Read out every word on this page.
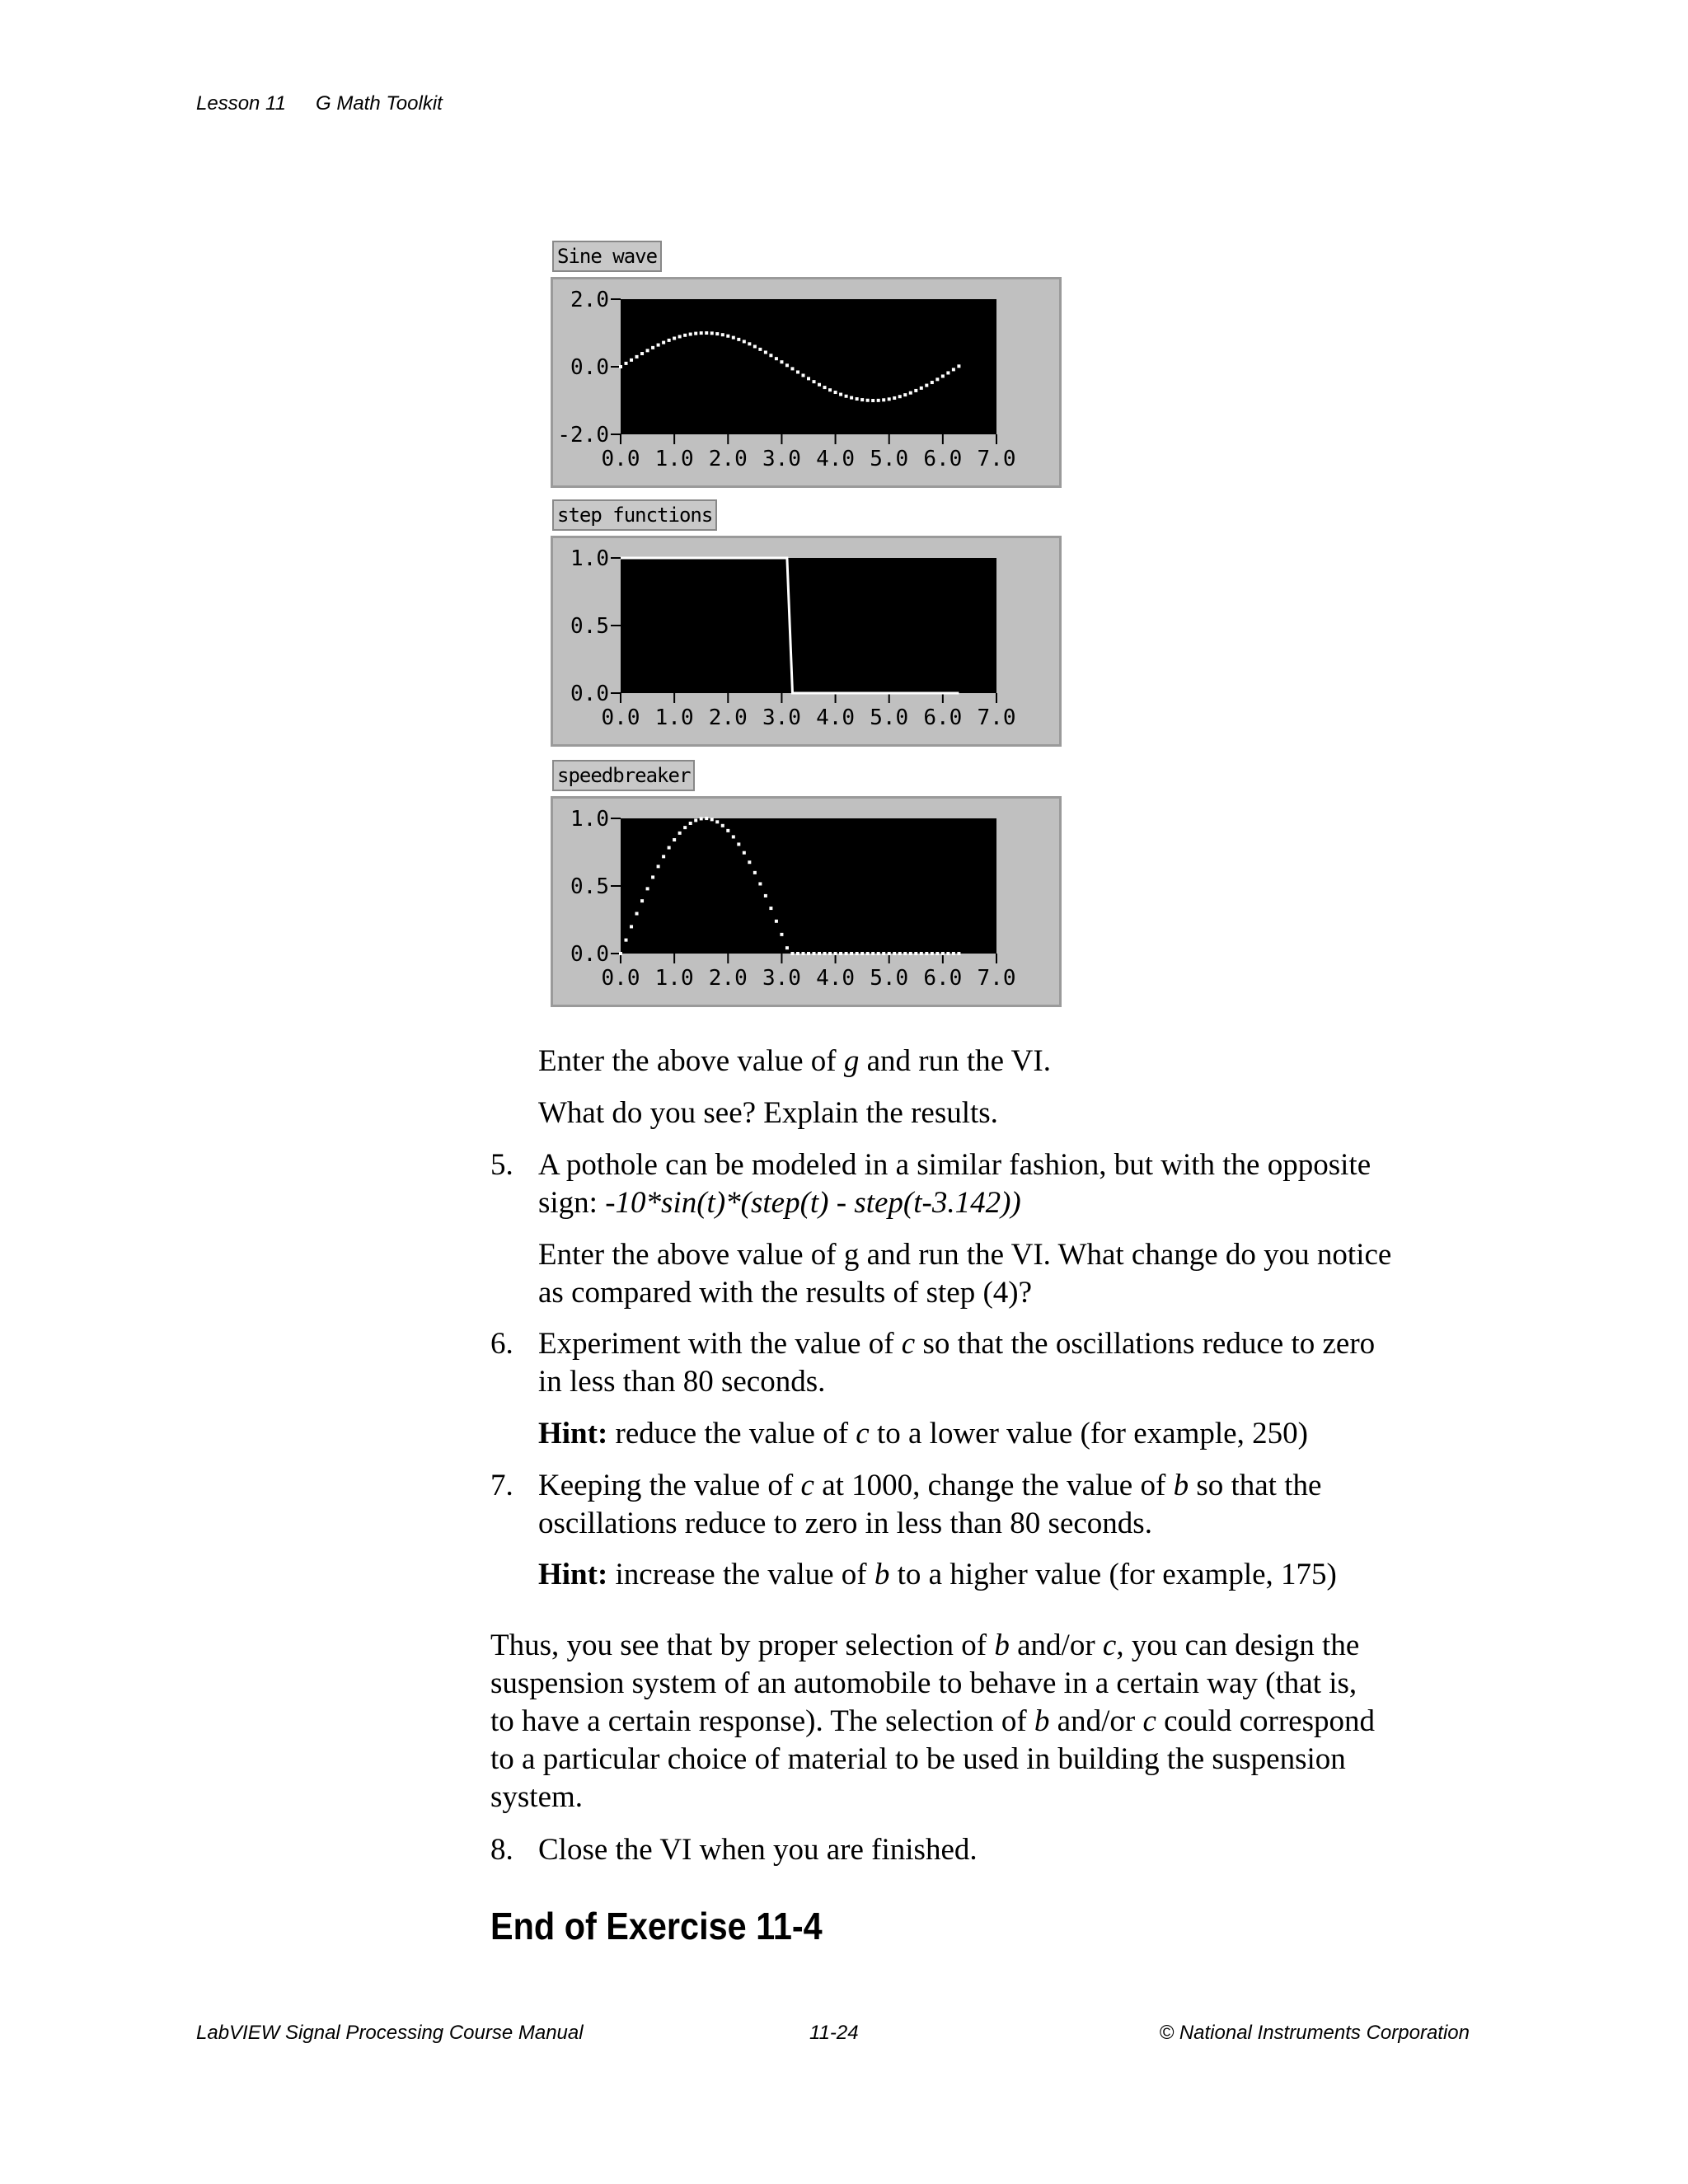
Lesson 11 G Math Toolkit
Sine wave
2.0
0.0
-2.0
0.0 1.0 2.0 3.0 4.0 5.0 6.0 7.0
step functions
1.0
0.5
0.0
0.0 1.0 2.0 3.0 4.0 5.0 6.0 7.0
speedbreaker
1.0
0.5
0.0
0.0 1.0 2.0 3.0 4.0 5.0 6.0 7.0
Enter the above value of g and run the VI.
What do you see? Explain the results.
5. A pothole can be modeled in a similar fashion, but with the opposite
sign: -10*sin(t)*(step(t) - step(t-3.142))
Enter the above value of g and run the VI. What change do you notice
as compared with the results of step (4)?
6. Experiment with the value of c so that the oscillations reduce to zero
in less than 80 seconds.
Hint: reduce the value of c to a lower value (for example, 250)
7. Keeping the value of c at 1000, change the value of b so that the
oscillations reduce to zero in less than 80 seconds.
Hint: increase the value of b to a higher value (for example, 175)
Thus, you see that by proper selection of b and/or c, you can design the
suspension system of an automobile to behave in a certain way (that is,
to have a certain response). The selection of b and/or c could correspond
to a particular choice of material to be used in building the suspension
system.
8. Close the VI when you are finished.
End of Exercise 11-4
LabVIEW Signal Processing Course Manual	11-24	© National Instruments Corporation
